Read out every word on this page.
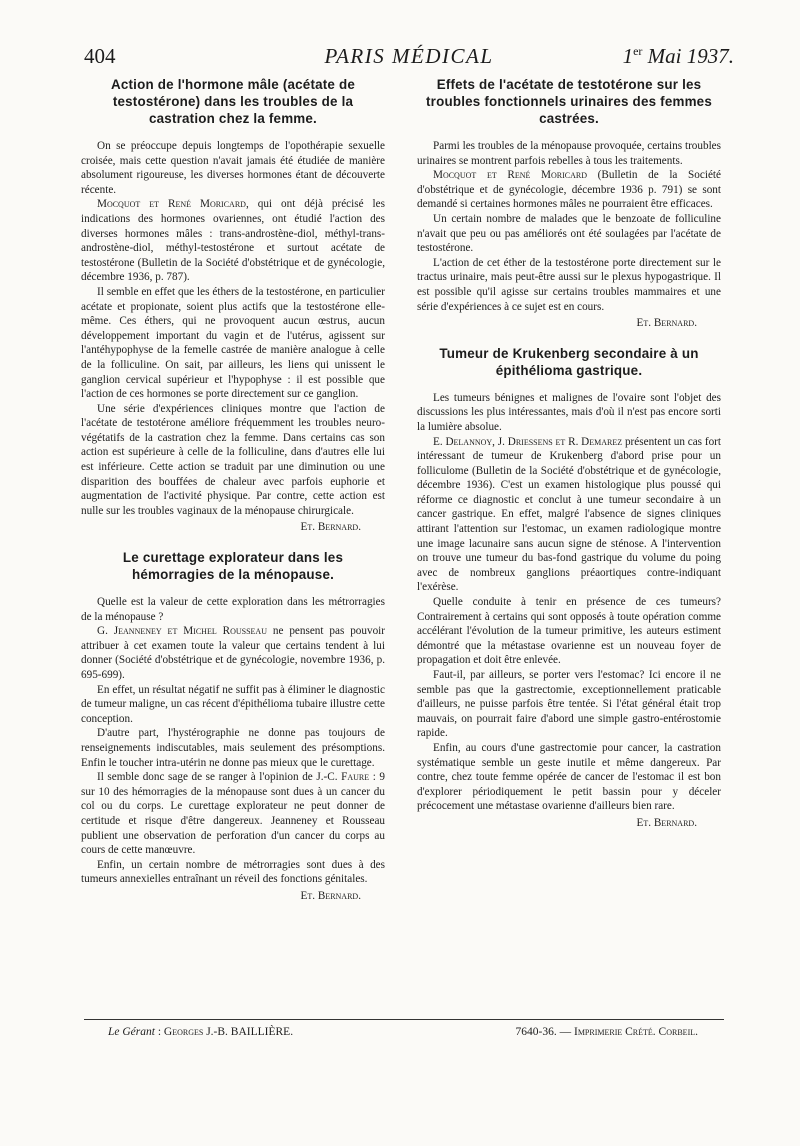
404	PARIS MÉDICAL	1er Mai 1937.
Action de l'hormone mâle (acétate de testostérone) dans les troubles de la castration chez la femme.

On se préoccupe depuis longtemps de l'opothérapie sexuelle croisée, mais cette question n'avait jamais été étudiée de manière absolument rigoureuse, les diverses hormones étant de découverte récente.

Mocquot et René Moricard, qui ont déjà précisé les indications des hormones ovariennes, ont étudié l'action des diverses hormones mâles : trans-androstène-diol, méthyl-trans-androstène-diol, méthyl-testostérone et surtout acétate de testostérone (Bulletin de la Société d'obstétrique et de gynécologie, décembre 1936, p. 787).

Il semble en effet que les éthers de la testostérone, en particulier acétate et propionate, soient plus actifs que la testostérone elle-même. Ces éthers, qui ne provoquent aucun œstrus, aucun développement important du vagin et de l'utérus, agissent sur l'antéhypophyse de la femelle castrée de manière analogue à celle de la folliculine. On sait, par ailleurs, les liens qui unissent le ganglion cervical supérieur et l'hypophyse : il est possible que l'action de ces hormones se porte directement sur ce ganglion.

Une série d'expériences cliniques montre que l'action de l'acétate de testotérone améliore fréquemment les troubles neuro-végétatifs de la castration chez la femme. Dans certains cas son action est supérieure à celle de la folliculine, dans d'autres elle lui est inférieure. Cette action se traduit par une diminution ou une disparition des bouffées de chaleur avec parfois euphorie et augmentation de l'activité physique. Par contre, cette action est nulle sur les troubles vaginaux de la ménopause chirurgicale.

Et. Bernard.
Le curettage explorateur dans les hémorragies de la ménopause.

Quelle est la valeur de cette exploration dans les métrorragies de la ménopause ?

G. Jeanneney et Michel Rousseau ne pensent pas pouvoir attribuer à cet examen toute la valeur que certains tendent à lui donner (Société d'obstétrique et de gynécologie, novembre 1936, p. 695-699).

En effet, un résultat négatif ne suffit pas à éliminer le diagnostic de tumeur maligne, un cas récent d'épithélioma tubaire illustre cette conception.

D'autre part, l'hystérographie ne donne pas toujours de renseignements indiscutables, mais seulement des présomptions. Enfin le toucher intra-utérin ne donne pas mieux que le curettage.

Il semble donc sage de se ranger à l'opinion de J.-C. Faure : 9 sur 10 des hémorragies de la ménopause sont dues à un cancer du col ou du corps. Le curettage explorateur ne peut donner de certitude et risque d'être dangereux. Jeanneney et Rousseau publient une observation de perforation d'un cancer du corps au cours de cette manœuvre.

Enfin, un certain nombre de métrorragies sont dues à des tumeurs annexielles entraînant un réveil des fonctions génitales.

Et. Bernard.
Effets de l'acétate de testotérone sur les troubles fonctionnels urinaires des femmes castrées.

Parmi les troubles de la ménopause provoquée, certains troubles urinaires se montrent parfois rebelles à tous les traitements.

Mocquot et René Moricard (Bulletin de la Société d'obstétrique et de gynécologie, décembre 1936 p. 791) se sont demandé si certaines hormones mâles ne pourraient être efficaces.

Un certain nombre de malades que le benzoate de folliculine n'avait que peu ou pas améliorés ont été soulagées par l'acétate de testostérone.

L'action de cet éther de la testostérone porte directement sur le tractus urinaire, mais peut-être aussi sur le plexus hypogastrique. Il est possible qu'il agisse sur certains troubles mammaires et une série d'expériences à ce sujet est en cours.

Et. Bernard.
Tumeur de Krukenberg secondaire à un épithélioma gastrique.

Les tumeurs bénignes et malignes de l'ovaire sont l'objet des discussions les plus intéressantes, mais d'où il n'est pas encore sorti la lumière absolue.

E. Delannoy, J. Driessens et R. Demarez présentent un cas fort intéressant de tumeur de Krukenberg d'abord prise pour un folliculome (Bulletin de la Société d'obstétrique et de gynécologie, décembre 1936). C'est un examen histologique plus poussé qui réforme ce diagnostic et conclut à une tumeur secondaire à un cancer gastrique. En effet, malgré l'absence de signes cliniques attirant l'attention sur l'estomac, un examen radiologique montre une image lacunaire sans aucun signe de sténose. A l'intervention on trouve une tumeur du bas-fond gastrique du volume du poing avec de nombreux ganglions préaortiques contre-indiquant l'exérèse.

Quelle conduite à tenir en présence de ces tumeurs? Contrairement à certains qui sont opposés à toute opération comme accélérant l'évolution de la tumeur primitive, les auteurs estiment démontré que la métastase ovarienne est un nouveau foyer de propagation et doit être enlevée.

Faut-il, par ailleurs, se porter vers l'estomac? Ici encore il ne semble pas que la gastrectomie, exceptionnellement praticable d'ailleurs, ne puisse parfois être tentée. Si l'état général était trop mauvais, on pourrait faire d'abord une simple gastro-entérostomie rapide.

Enfin, au cours d'une gastrectomie pour cancer, la castration systématique semble un geste inutile et même dangereux. Par contre, chez toute femme opérée de cancer de l'estomac il est bon d'explorer périodiquement le petit bassin pour y déceler précocement une métastase ovarienne d'ailleurs bien rare.

Et. Bernard.
Le Gérant : Georges J.-B. BAILLIÈRE.	7640-36. — Imprimerie Crété. Corbeil.
